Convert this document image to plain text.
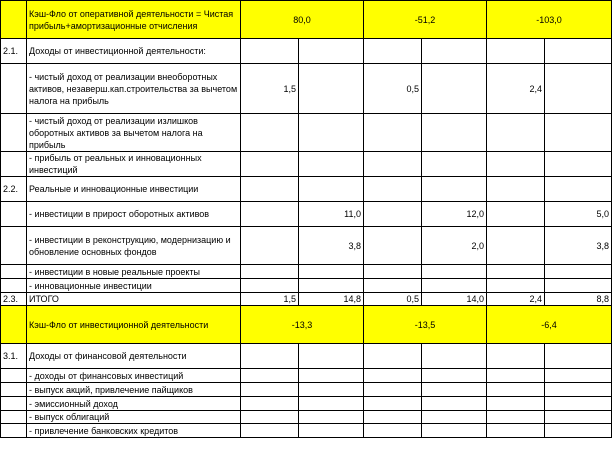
	Кэш-Фло от оперативной деятельности = Чистая прибыль+амортизационные отчисления	80,0		-51,2		-103,0	
2.1.	Доходы от инвестиционной деятельности:						
	- чистый доход от реализации внеоборотных активов, незаверш.кап.строительства за вычетом налога на прибыль	1,5		0,5		2,4	
	- чистый доход от реализации излишков оборотных активов за вычетом налога на прибыль						
	- прибыль от реальных и инновационных инвестиций						
2.2.	Реальные и инновационные инвестиции						
	- инвестиции в прирост оборотных активов		11,0		12,0		5,0
	- инвестиции в реконструкцию, модернизацию и обновление основных фондов		3,8		2,0		3,8
	- инвестиции в новые реальные проекты						
	- инновационные инвестиции						
2.3.	ИТОГО	1,5	14,8	0,5	14,0	2,4	8,8
	Кэш-Фло от инвестиционной деятельности	-13,3		-13,5		-6,4	
3.1.	Доходы от финансовой деятельности						
	- доходы от финансовых инвестиций						
	- выпуск акций, привлечение пайщиков						
	- эмиссионный доход						
	- выпуск облигаций						
	- привлечение банковских кредитов						
